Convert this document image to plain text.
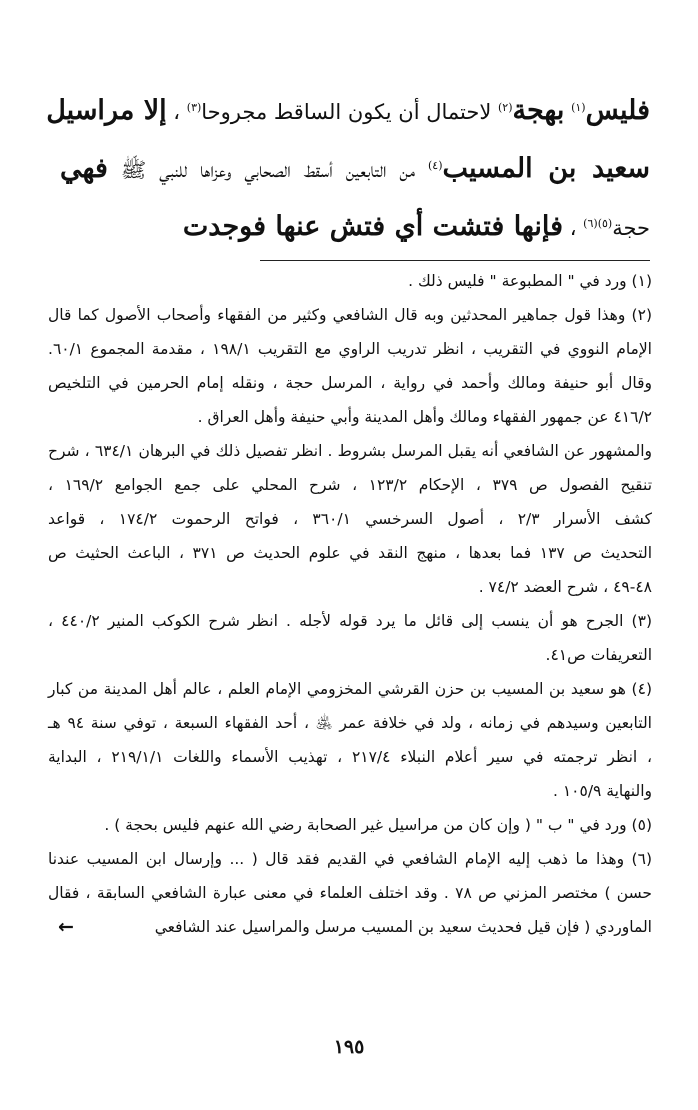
فليس$^{(١)}$ بهجة$^{(٢)}$ لاحتمال أن يكون الساقط مجروحا$^{(٣)}$ ، إلا مراسيل
سعيد بن المسيب$^{(٤)}$ من التابعين أسقط الصحابي وعزاها للنبي ﷺ فهي
حجة$^{(٥)(٦)}$ ، فإنها فتشت أي فتش عنها فوجدت
(١) ورد في " المطبوعة " فليس ذلك .
(٢) وهذا قول جماهير المحدثين وبه قال الشافعي وكثير من الفقهاء وأصحاب الأصول كما قال
الإمام النووي في التقريب ، انظر تدريب الراوي مع التقريب ١٩٨/١ ، مقدمة المجموع ٦٠/١.
وقال أبو حنيفة ومالك وأحمد في رواية ، المرسل حجة ، ونقله إمام الحرمين في التلخيص
٤١٦/٢ عن جمهور الفقهاء ومالك وأهل المدينة وأبي حنيفة وأهل العراق .
والمشهور عن الشافعي أنه يقبل المرسل بشروط . انظر تفصيل ذلك في البرهان ٦٣٤/١ ، شرح
تنقيح الفصول ص ٣٧٩ ، الإحكام ١٢٣/٢ ، شرح المحلي على جمع الجوامع ١٦٩/٢ ،
كشف الأسرار ٢/٣ ، أصول السرخسي ٣٦٠/١ ، فواتح الرحموت ١٧٤/٢ ، قواعد
التحديث ص ١٣٧ فما بعدها ، منهج النقد في علوم الحديث ص ٣٧١ ، الباعث الحثيث ص
٤٨-٤٩ ، شرح العضد ٧٤/٢ .
(٣) الجرح هو أن ينسب إلى قائل ما يرد قوله لأجله . انظر شرح الكوكب المنير ٤٤٠/٢ ،
التعريفات ص٤١.
(٤) هو سعيد بن المسيب بن حزن القرشي المخزومي الإمام العلم ، عالم أهل المدينة من كبار
التابعين وسيدهم في زمانه ، ولد في خلافة عمر ﵁ ، أحد الفقهاء السبعة ، توفي سنة ٩٤ هـ
، انظر ترجمته في سير أعلام النبلاء ٢١٧/٤ ، تهذيب الأسماء واللغات ٢١٩/١/١ ، البداية
والنهاية ١٠٥/٩ .
(٥) ورد في " ب " ( وإن كان من مراسيل غير الصحابة رضي الله عنهم فليس بحجة ) .
(٦) وهذا ما ذهب إليه الإمام الشافعي في القديم فقد قال ( ... وإرسال ابن المسيب عندنا
حسن ) مختصر المزني ص ٧٨ . وقد اختلف العلماء في معنى عبارة الشافعي السابقة ، فقال
الماوردي ( فإن قيل فحديث سعيد بن المسيب مرسل والمراسيل عند الشافعي
←
١٩٥
